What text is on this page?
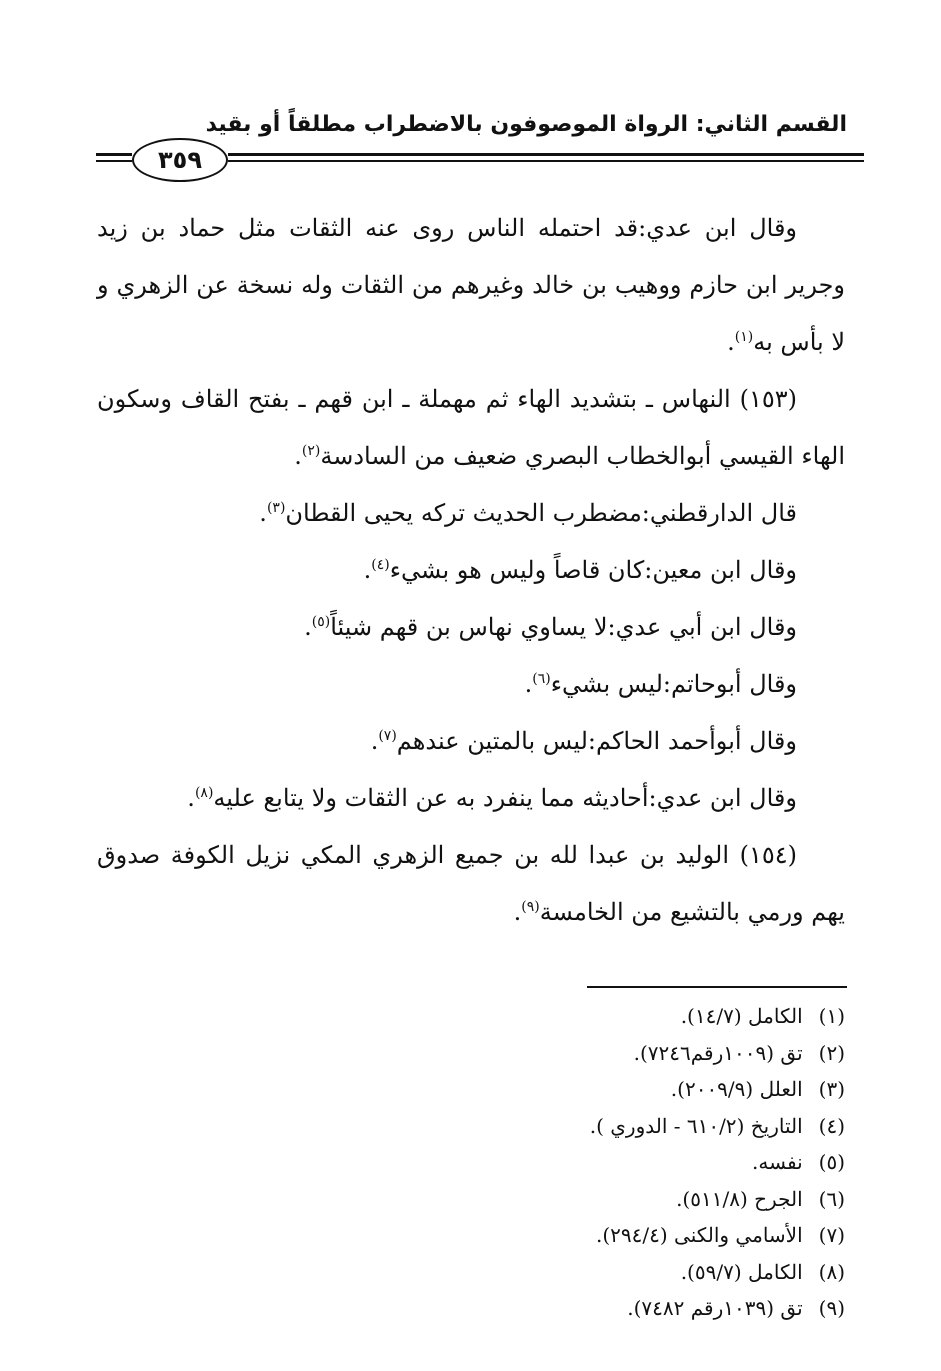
القسم الثاني: الرواة الموصوفون بالاضطراب مطلقاً أو بقيد
٣٥٩

وقال ابن عدي:قد احتمله الناس روى عنه الثقات مثل حماد بن زيد وجرير ابن حازم ووهيب بن خالد وغيرهم من الثقات وله نسخة عن الزهري و لا بأس به$^{(١)}$.

(١٥٣) النهاس ـ بتشديد الهاء ثم مهملة ـ ابن قهم ـ بفتح القاف وسكون الهاء القيسي أبوالخطاب البصري ضعيف من السادسة$^{(٢)}$.

قال الدارقطني:مضطرب الحديث تركه يحيى القطان$^{(٣)}$.

وقال ابن معين:كان قاصاً وليس هو بشيء$^{(٤)}$.

وقال ابن أبي عدي:لا يساوي نهاس بن قهم شيئاً$^{(٥)}$.

وقال أبوحاتم:ليس بشيء$^{(٦)}$.

وقال أبوأحمد الحاكم:ليس بالمتين عندهم$^{(٧)}$.

وقال ابن عدي:أحاديثه مما ينفرد به عن الثقات ولا يتابع عليه$^{(٨)}$.

(١٥٤) الوليد بن عبدا لله بن جميع الزهري المكي نزيل الكوفة صدوق يهم ورمي بالتشيع من الخامسة$^{(٩)}$.

(١) الكامل (١٤/٧).
(٢) تق (١٠٠٩رقم٧٢٤٦).
(٣) العلل (٢٠٠٩/٩).
(٤) التاريخ (٦١٠/٢ - الدوري ).
(٥) نفسه.
(٦) الجرح (٥١١/٨).
(٧) الأسامي والكنى (٢٩٤/٤).
(٨) الكامل (٥٩/٧).
(٩) تق (١٠٣٩رقم ٧٤٨٢).
